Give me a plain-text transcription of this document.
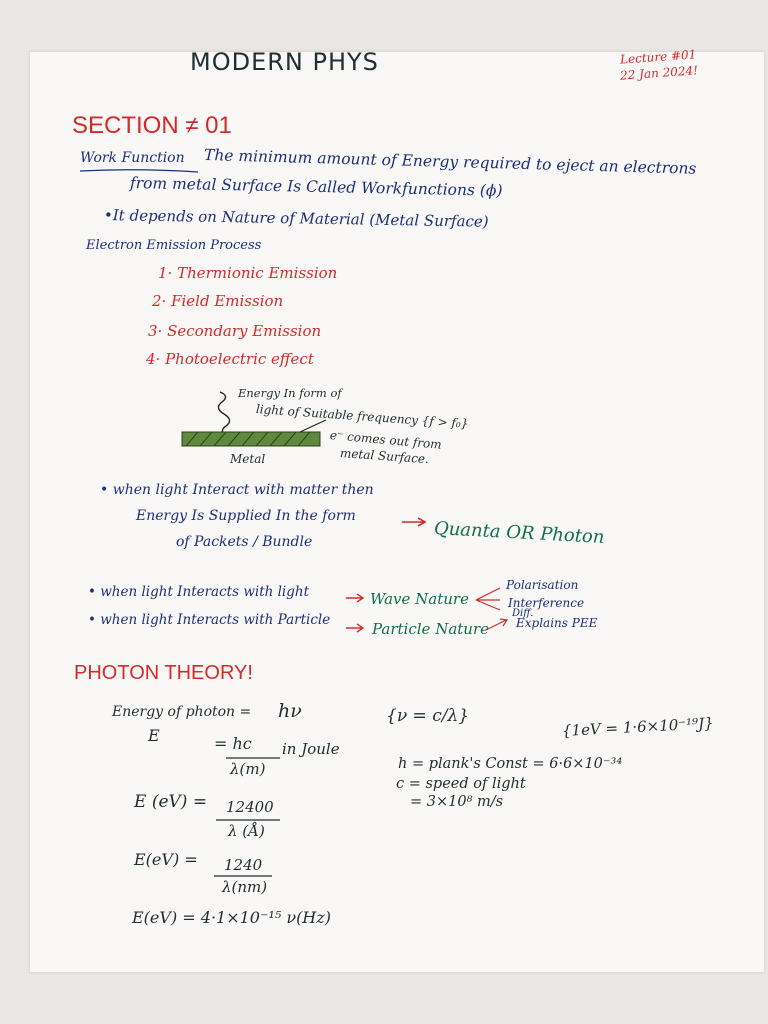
MODERN PHYS	Lecture #01
22 Jan 2024!
SECTION ≠ 01
Work Function The minimum amount of Energy required to eject an electrons
from metal Surface Is Called Workfunctions (ϕ)
•It depends on Nature of Material (Metal Surface)
Electron Emission Process
1· Thermionic Emission
2· Field Emission
3· Secondary Emission
4· Photoelectric effect
Energy In form of
light of Suitable frequency {f > f₀}
e⁻ comes out from
metal Surface.
Metal
• when light Interact with matter then
Energy Is Supplied In the form
of Packets / Bundle	Quanta OR Photon
• when light Interacts with light	Wave Nature
Polarisation
Interference
Diff.
• when light Interacts with Particle	Particle Nature Explains PEE
PHOTON THEORY!
Energy of photon = hν	{ν = c/λ}	{1eV = 1·6×10⁻¹⁹J}
E	= hc
λ(m)
in Joule
h = plank's Const = 6·6×10⁻³⁴
c = speed of light
= 3×10⁸ m/s
E (eV) = 12400
λ (Å)
E(eV) = 1240
λ(nm)
E(eV) = 4·1×10⁻¹⁵ ν(Hz)
